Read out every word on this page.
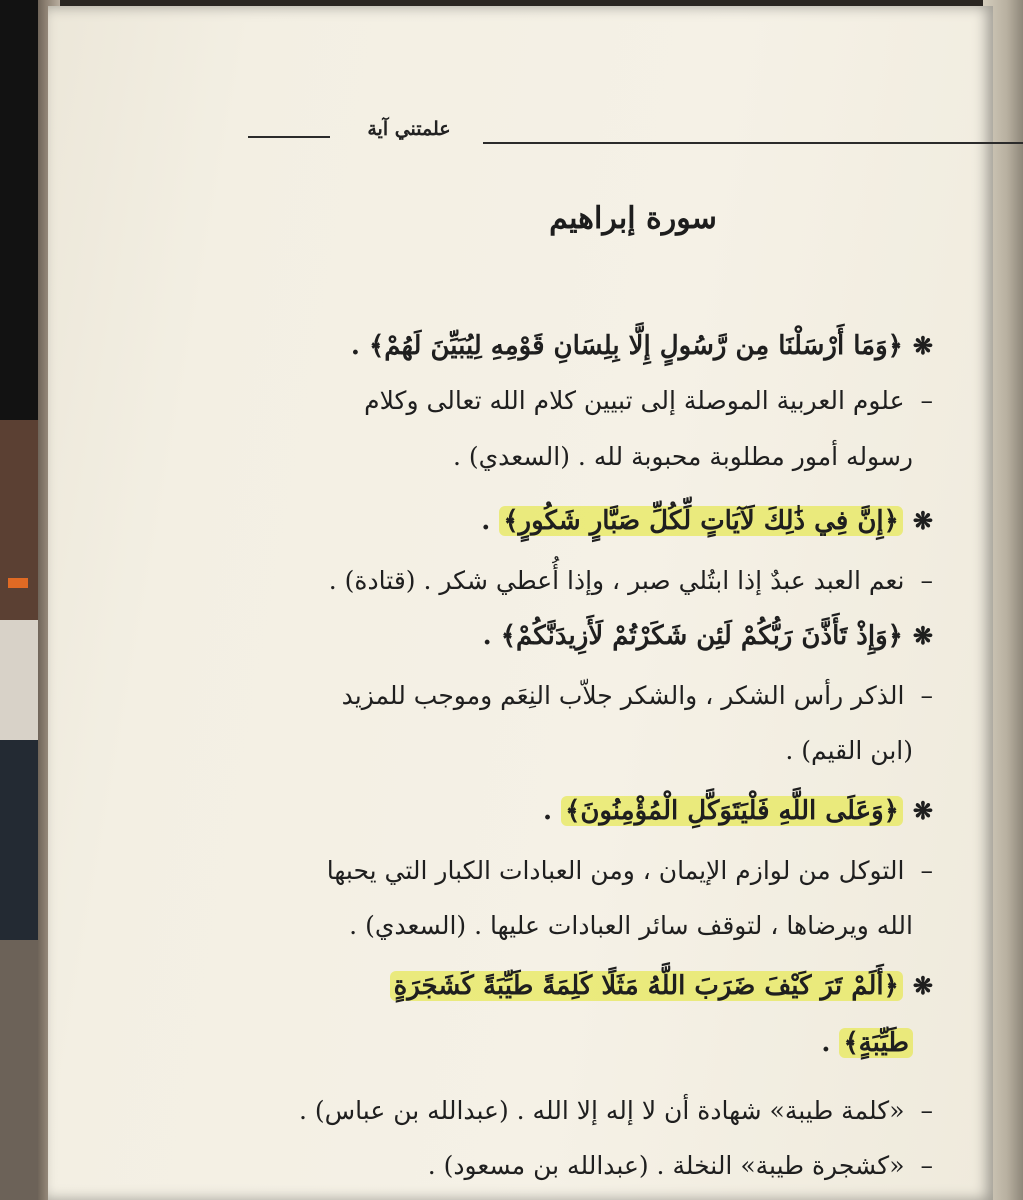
علمتني آية
سورة إبراهيم
❋﴿وَمَا أَرْسَلْنَا مِن رَّسُولٍ إِلَّا بِلِسَانِ قَوْمِهِ لِيُبَيِّنَ لَهُمْ﴾ .
–علوم العربية الموصلة إلى تبيين كلام الله تعالى وكلام
رسوله أمور مطلوبة محبوبة لله . (السعدي) .
❋﴿إِنَّ فِي ذَٰلِكَ لَآيَاتٍ لِّكُلِّ صَبَّارٍ شَكُورٍ﴾ .
–نعم العبد عبدٌ إذا ابتُلي صبر ، وإذا أُعطي شكر . (قتادة) .
❋﴿وَإِذْ تَأَذَّنَ رَبُّكُمْ لَئِن شَكَرْتُمْ لَأَزِيدَنَّكُمْ﴾ .
–الذكر رأس الشكر ، والشكر جلاّب النِعَم وموجب للمزيد
(ابن القيم) .
❋﴿وَعَلَى اللَّهِ فَلْيَتَوَكَّلِ الْمُؤْمِنُونَ﴾ .
–التوكل من لوازم الإيمان ، ومن العبادات الكبار التي يحبها
الله ويرضاها ، لتوقف سائر العبادات عليها . (السعدي) .
❋﴿أَلَمْ تَرَ كَيْفَ ضَرَبَ اللَّهُ مَثَلًا كَلِمَةً طَيِّبَةً كَشَجَرَةٍ
طَيِّبَةٍ﴾ .
–«كلمة طيبة» شهادة أن لا إله إلا الله . (عبدالله بن عباس) .
–«كشجرة طيبة» النخلة . (عبدالله بن مسعود) .
